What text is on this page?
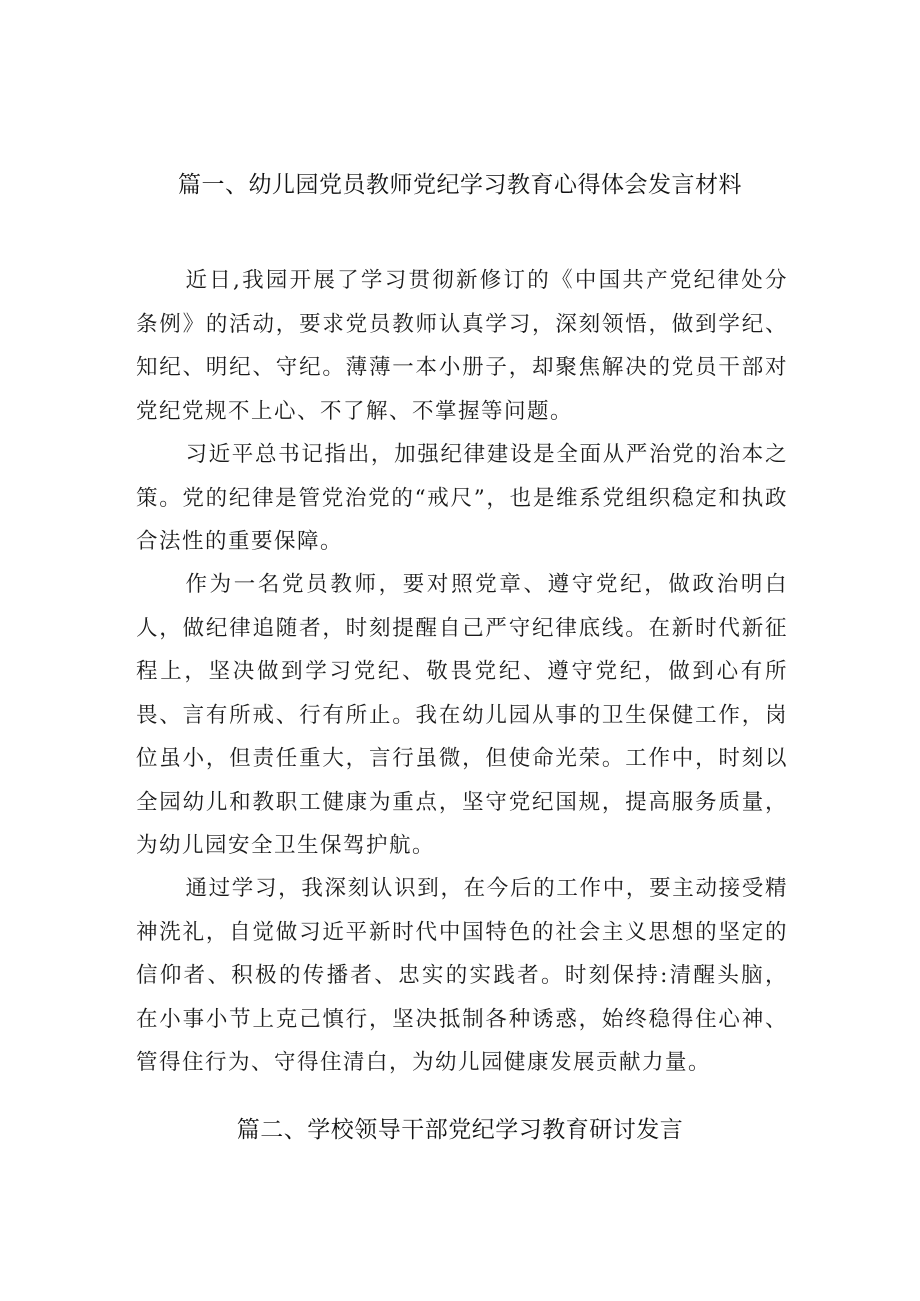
篇一、幼儿园党员教师党纪学习教育心得体会发言材料

近日,我园开展了学习贯彻新修订的《中国共产党纪律处分条例》的活动，要求党员教师认真学习，深刻领悟，做到学纪、知纪、明纪、守纪。薄薄一本小册子，却聚焦解决的党员干部对党纪党规不上心、不了解、不掌握等问题。

习近平总书记指出，加强纪律建设是全面从严治党的治本之策。党的纪律是管党治党的“戒尺”，也是维系党组织稳定和执政合法性的重要保障。

作为一名党员教师，要对照党章、遵守党纪，做政治明白人，做纪律追随者，时刻提醒自己严守纪律底线。在新时代新征程上，坚决做到学习党纪、敬畏党纪、遵守党纪，做到心有所畏、言有所戒、行有所止。我在幼儿园从事的卫生保健工作，岗位虽小，但责任重大，言行虽微，但使命光荣。工作中，时刻以全园幼儿和教职工健康为重点，坚守党纪国规，提高服务质量，为幼儿园安全卫生保驾护航。

通过学习，我深刻认识到，在今后的工作中，要主动接受精神洗礼，自觉做习近平新时代中国特色的社会主义思想的坚定的信仰者、积极的传播者、忠实的实践者。时刻保持:清醒头脑，在小事小节上克己慎行，坚决抵制各种诱惑，始终稳得住心神、管得住行为、守得住清白，为幼儿园健康发展贡献力量。

篇二、学校领导干部党纪学习教育研讨发言
